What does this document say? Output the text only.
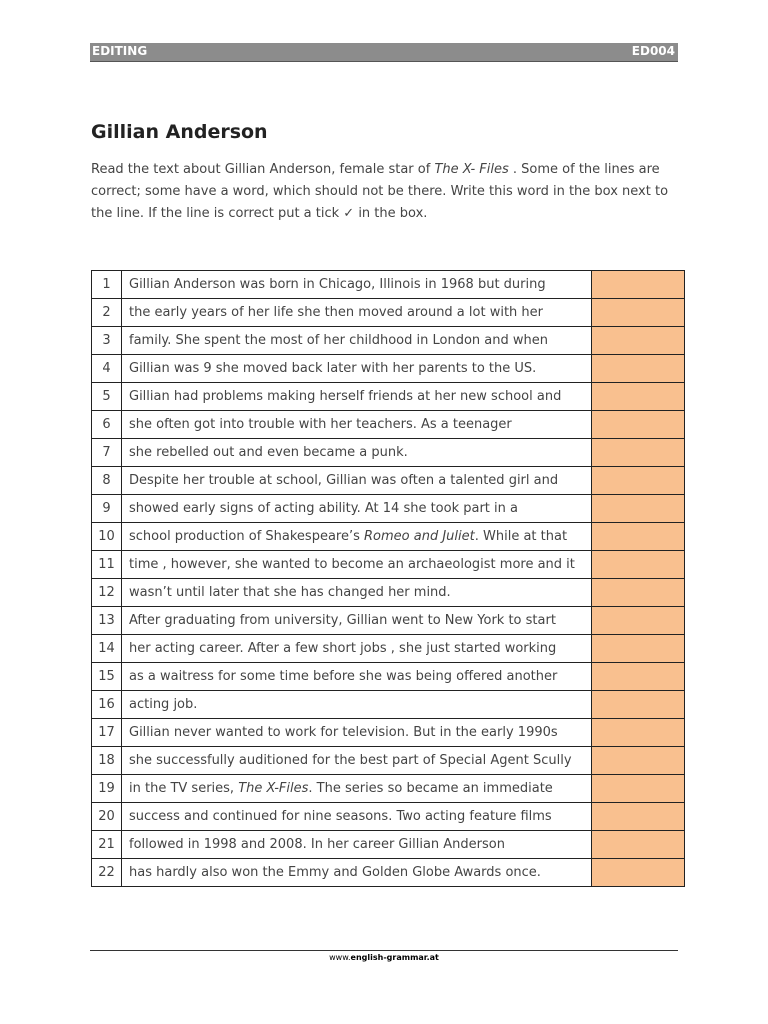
EDITING	ED004
Gillian Anderson
Read the text about Gillian Anderson, female star of The X- Files . Some of the lines are correct; some have a word, which should not be there. Write this word in the box next to the line. If the line is correct put a tick ✓ in the box.
1	Gillian Anderson was born in Chicago, Illinois in 1968 but during	
2	the early years of her life she then moved around a lot with her	
3	family. She spent the most of her childhood in London and when	
4	Gillian was 9 she moved back later with her parents to the US.	
5	Gillian had problems making herself friends at her new school and	
6	she often got into trouble with her teachers. As a teenager	
7	she rebelled out and even became a punk.	
8	Despite her trouble at school, Gillian was often a talented girl and	
9	showed early signs of acting ability. At 14 she took part in a	
10	school production of Shakespeare’s Romeo and Juliet. While at that	
11	time , however, she wanted to become an archaeologist more and it	
12	wasn’t until later that she has changed her mind.	
13	After graduating from university, Gillian went to New York to start	
14	her acting career. After a few short jobs , she just started working	
15	as a waitress for some time before she was being offered another	
16	acting job.	
17	Gillian never wanted to work for television. But in the early 1990s	
18	she successfully auditioned for the best part of Special Agent Scully	
19	in the TV series, The X-Files. The series so became an immediate	
20	success and continued for nine seasons. Two acting feature films	
21	followed in 1998 and 2008. In her career Gillian Anderson	
22	has hardly also won the Emmy and Golden Globe Awards once.	
www.english-grammar.at
